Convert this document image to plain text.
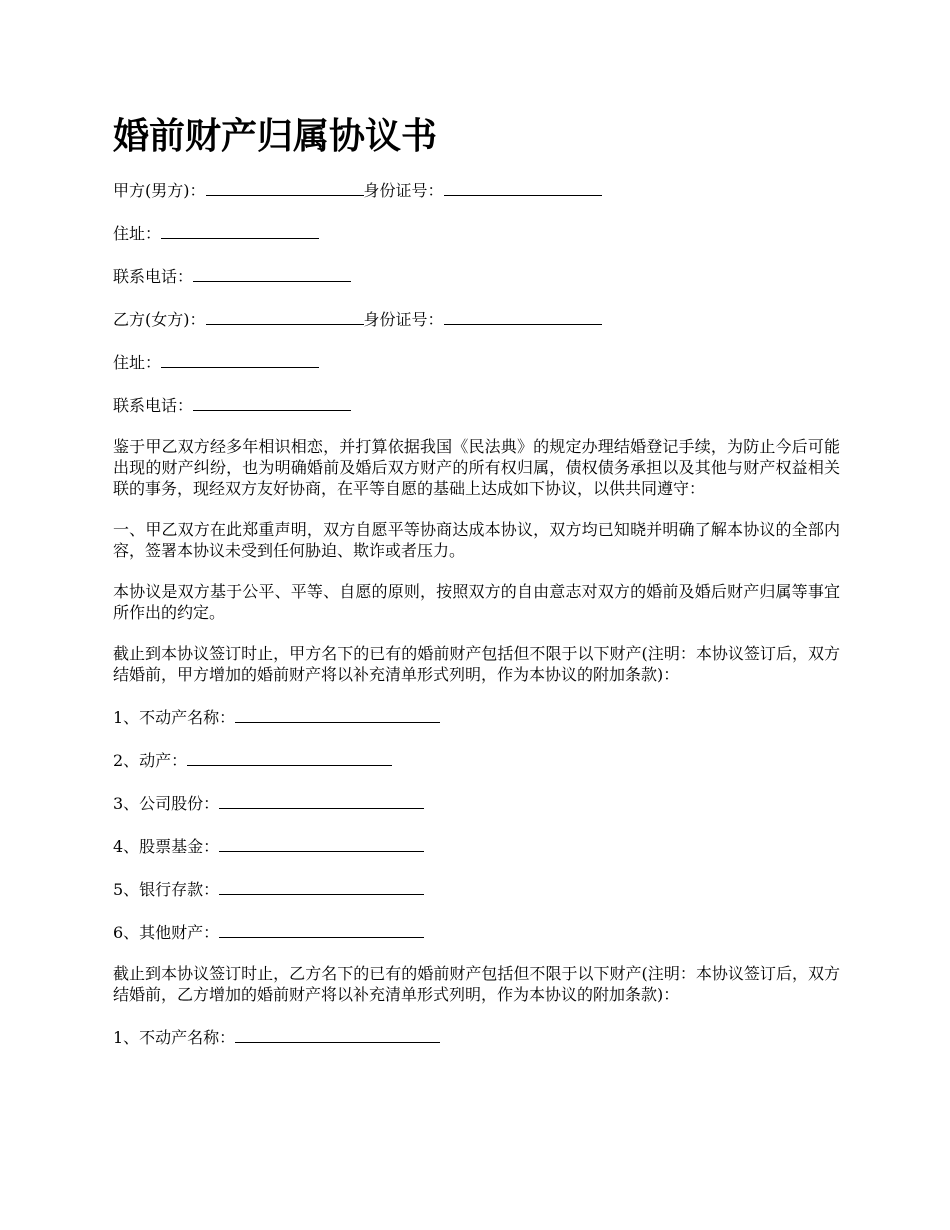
婚前财产归属协议书
甲方(男方)：	身份证号：
住址：
联系电话：
乙方(女方)：	身份证号：
住址：
联系电话：
鉴于甲乙双方经多年相识相恋，并打算依据我国《民法典》的规定办理结婚登记手续，为防止今后可能出现的财产纠纷，也为明确婚前及婚后双方财产的所有权归属，债权债务承担以及其他与财产权益相关联的事务，现经双方友好协商，在平等自愿的基础上达成如下协议，以供共同遵守：
一、甲乙双方在此郑重声明，双方自愿平等协商达成本协议，双方均已知晓并明确了解本协议的全部内容，签署本协议未受到任何胁迫、欺诈或者压力。
本协议是双方基于公平、平等、自愿的原则，按照双方的自由意志对双方的婚前及婚后财产归属等事宜所作出的约定。
截止到本协议签订时止，甲方名下的已有的婚前财产包括但不限于以下财产(注明：本协议签订后，双方结婚前，甲方增加的婚前财产将以补充清单形式列明，作为本协议的附加条款)：
1、不动产名称：
2、动产：
3、公司股份：
4、股票基金：
5、银行存款：
6、其他财产：
截止到本协议签订时止，乙方名下的已有的婚前财产包括但不限于以下财产(注明：本协议签订后，双方结婚前，乙方增加的婚前财产将以补充清单形式列明，作为本协议的附加条款)：
1、不动产名称：
